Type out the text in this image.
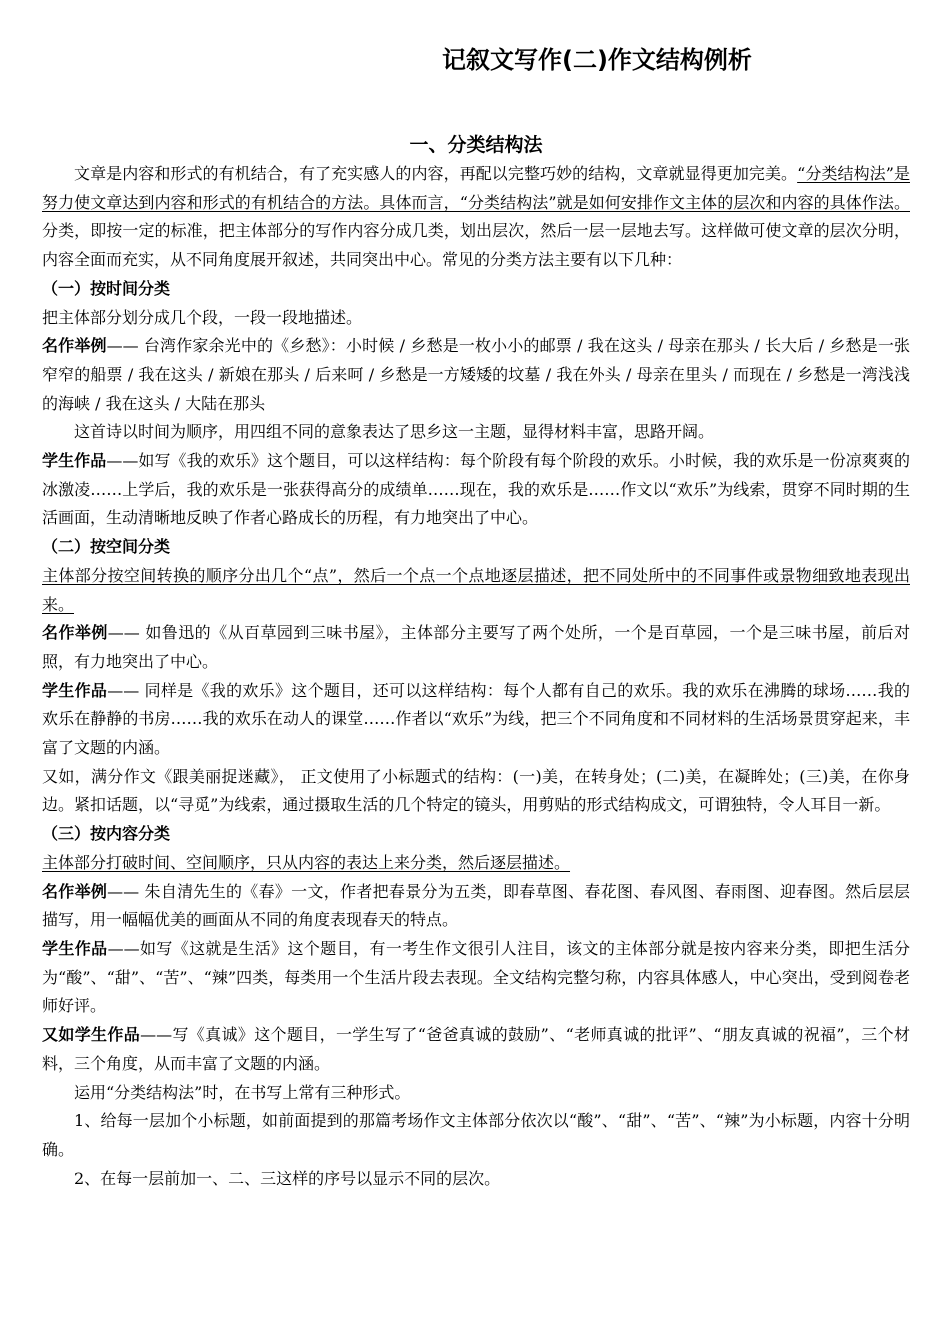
记叙文写作(二)作文结构例析
一、分类结构法

文章是内容和形式的有机结合，有了充实感人的内容，再配以完整巧妙的结构，文章就显得更加完美。“分类结构法”是努力使文章达到内容和形式的有机结合的方法。具体而言，“分类结构法”就是如何安排作文主体的层次和内容的具体作法。分类，即按一定的标准，把主体部分的写作内容分成几类，划出层次，然后一层一层地去写。这样做可使文章的层次分明，内容全面而充实，从不同角度展开叙述，共同突出中心。常见的分类方法主要有以下几种：

（一）按时间分类

把主体部分划分成几个段，一段一段地描述。

名作举例—— 台湾作家余光中的《乡愁》：小时候 / 乡愁是一枚小小的邮票 / 我在这头 / 母亲在那头 / 长大后 / 乡愁是一张窄窄的船票 / 我在这头 / 新娘在那头 / 后来呵 / 乡愁是一方矮矮的坟墓 / 我在外头 / 母亲在里头 / 而现在 / 乡愁是一湾浅浅的海峡 / 我在这头 / 大陆在那头

这首诗以时间为顺序，用四组不同的意象表达了思乡这一主题，显得材料丰富，思路开阔。

学生作品——如写《我的欢乐》这个题目，可以这样结构：每个阶段有每个阶段的欢乐。小时候，我的欢乐是一份凉爽爽的冰激凌……上学后，我的欢乐是一张获得高分的成绩单……现在，我的欢乐是……作文以“欢乐”为线索，贯穿不同时期的生活画面，生动清晰地反映了作者心路成长的历程，有力地突出了中心。

（二）按空间分类

主体部分按空间转换的顺序分出几个“点”，然后一个点一个点地逐层描述，把不同处所中的不同事件或景物细致地表现出来。

名作举例—— 如鲁迅的《从百草园到三味书屋》，主体部分主要写了两个处所，一个是百草园，一个是三味书屋，前后对照，有力地突出了中心。

学生作品—— 同样是《我的欢乐》这个题目，还可以这样结构：每个人都有自己的欢乐。我的欢乐在沸腾的球场……我的欢乐在静静的书房……我的欢乐在动人的课堂……作者以“欢乐”为线，把三个不同角度和不同材料的生活场景贯穿起来，丰富了文题的内涵。

又如，满分作文《跟美丽捉迷藏》， 正文使用了小标题式的结构：(一)美，在转身处；(二)美，在凝眸处；(三)美，在你身边。紧扣话题，以“寻觅”为线索，通过摄取生活的几个特定的镜头，用剪贴的形式结构成文，可谓独特，令人耳目一新。

（三）按内容分类

主体部分打破时间、空间顺序，只从内容的表达上来分类，然后逐层描述。

名作举例—— 朱自清先生的《春》一文，作者把春景分为五类，即春草图、春花图、春风图、春雨图、迎春图。然后层层描写，用一幅幅优美的画面从不同的角度表现春天的特点。

学生作品——如写《这就是生活》这个题目，有一考生作文很引人注目，该文的主体部分就是按内容来分类，即把生活分为“酸”、“甜”、“苦”、“辣”四类，每类用一个生活片段去表现。全文结构完整匀称，内容具体感人，中心突出，受到阅卷老师好评。

又如学生作品——写《真诚》这个题目，一学生写了“爸爸真诚的鼓励”、“老师真诚的批评”、“朋友真诚的祝福”，三个材料，三个角度，从而丰富了文题的内涵。

运用“分类结构法”时，在书写上常有三种形式。

1、给每一层加个小标题，如前面提到的那篇考场作文主体部分依次以“酸”、“甜”、“苦”、“辣”为小标题，内容十分明确。

2、在每一层前加一、二、三这样的序号以显示不同的层次。
